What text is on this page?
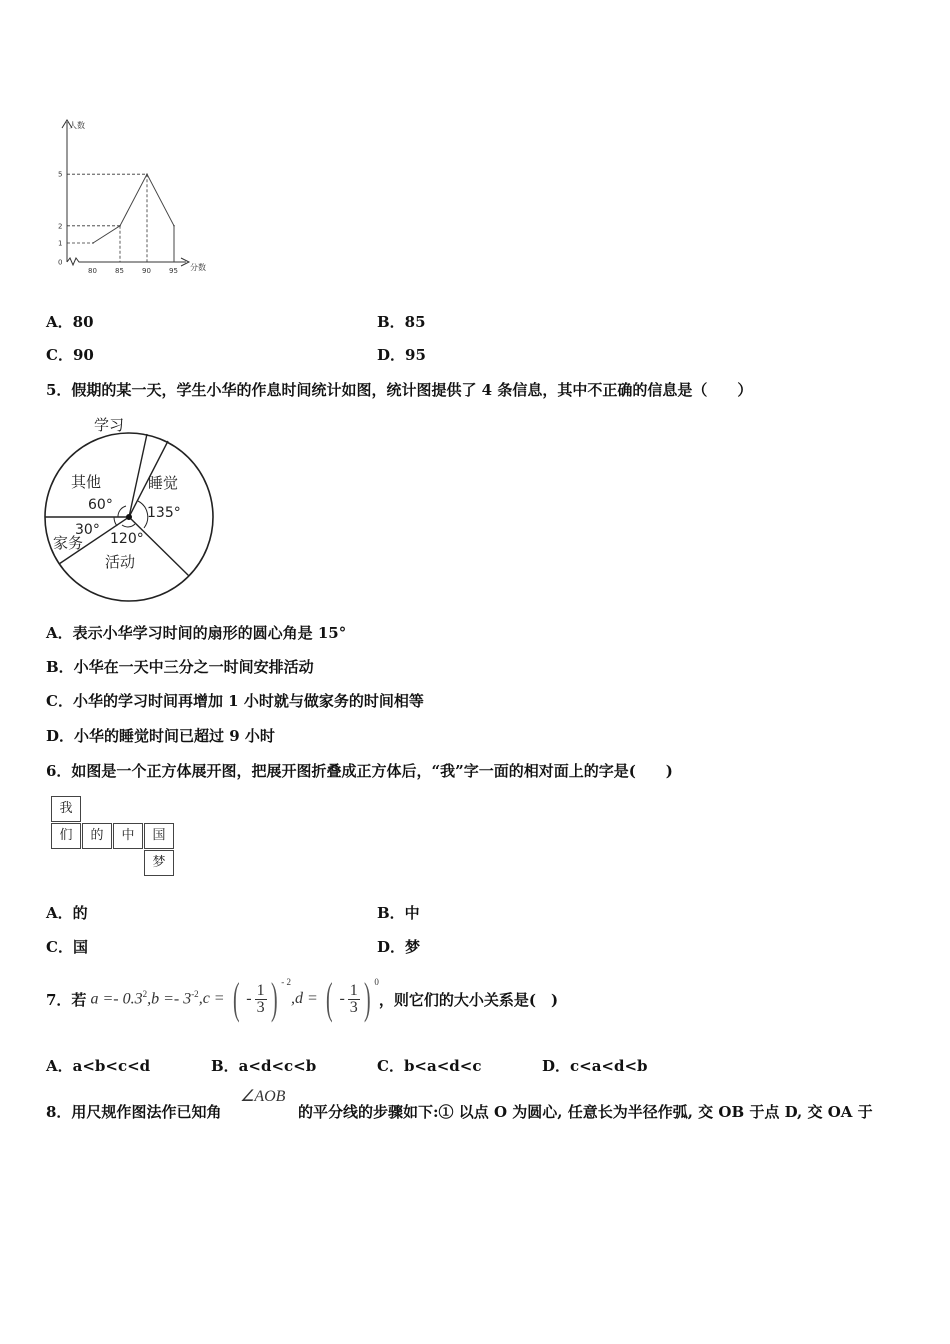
80	85	90	95
0
1
2
5
人数
分数
A．80	B．85
C．90	D．95
5．假期的某一天，学生小华的作息时间统计如图，统计图提供了 4 条信息，其中不正确的信息是（　　）
学习
其他	睡觉
家务
活动
60° 135°
30°
120°
A．表示小华学习时间的扇形的圆心角是 15°
B．小华在一天中三分之一时间安排活动
C．小华的学习时间再增加 1 小时就与做家务的时间相等
D．小华的睡觉时间已超过 9 小时
6．如图是一个正方体展开图，把展开图折叠成正方体后，“我”字一面的相对面上的字是(　　)
我
们	的	中	国
梦
A．的	B．中
C．国	D．梦
7．若 $a =- 0.3^2$ $,b =- 3^{-2}$ ,c = ( - $\frac{1}{3}$ ) $^{- 2}$
,d = ( - $\frac{1}{3}$ ) $^0$
，则它们的大小关系是(　)
A．a<b<c<d	B．a<d<c<b	C．b<a<d<c	D．c<a<d<b
8．用尺规作图法作已知角
∠AOB
的平分线的步骤如下:① 以点 O 为圆心, 任意长为半径作弧, 交 OB 于点 D, 交 OA 于
